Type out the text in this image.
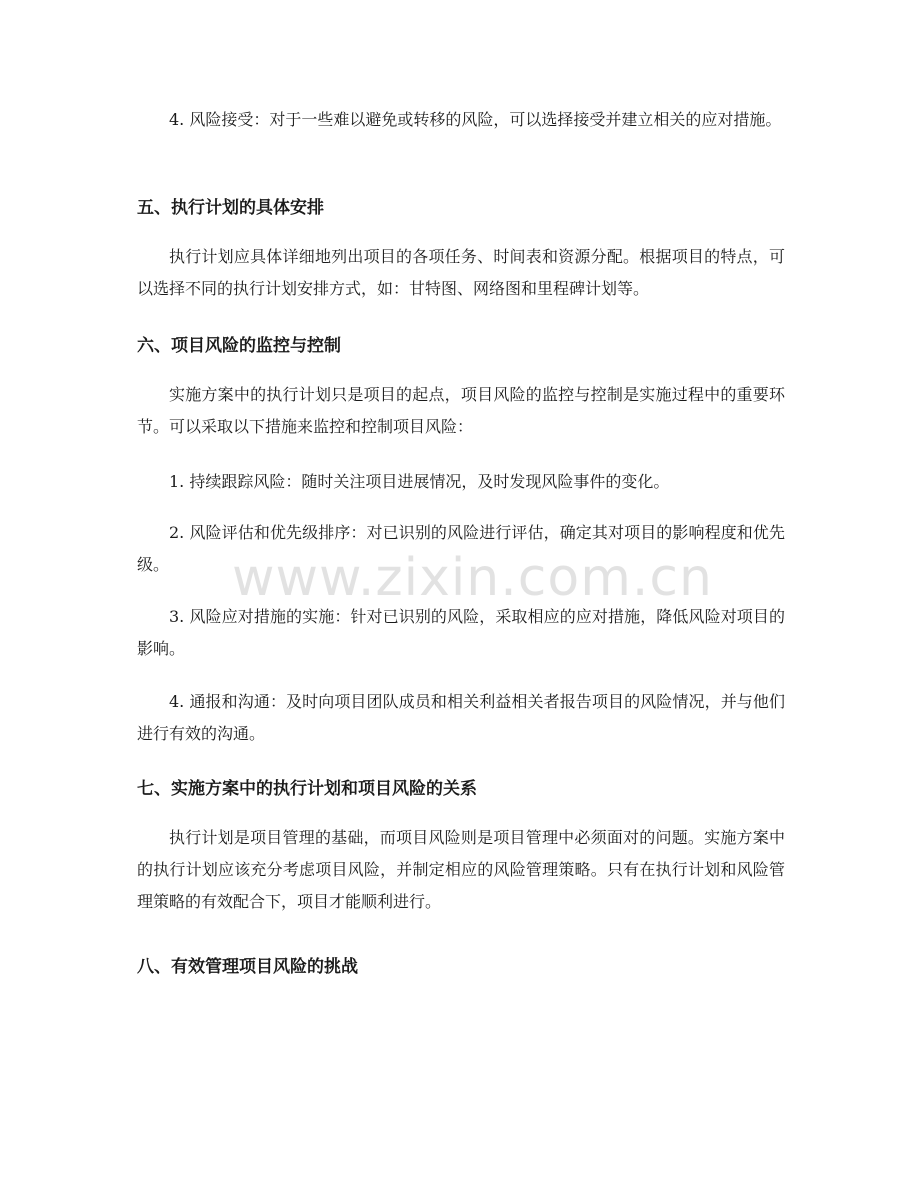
4. 风险接受：对于一些难以避免或转移的风险，可以选择接受并建立相关的应对措施。

五、执行计划的具体安排

执行计划应具体详细地列出项目的各项任务、时间表和资源分配。根据项目的特点，可以选择不同的执行计划安排方式，如：甘特图、网络图和里程碑计划等。

六、项目风险的监控与控制

实施方案中的执行计划只是项目的起点，项目风险的监控与控制是实施过程中的重要环节。可以采取以下措施来监控和控制项目风险：

1. 持续跟踪风险：随时关注项目进展情况，及时发现风险事件的变化。

2. 风险评估和优先级排序：对已识别的风险进行评估，确定其对项目的影响程度和优先级。

3. 风险应对措施的实施：针对已识别的风险，采取相应的应对措施，降低风险对项目的影响。

4. 通报和沟通：及时向项目团队成员和相关利益相关者报告项目的风险情况，并与他们进行有效的沟通。

七、实施方案中的执行计划和项目风险的关系

执行计划是项目管理的基础，而项目风险则是项目管理中必须面对的问题。实施方案中的执行计划应该充分考虑项目风险，并制定相应的风险管理策略。只有在执行计划和风险管理策略的有效配合下，项目才能顺利进行。

八、有效管理项目风险的挑战
www.zixin.com.cn
